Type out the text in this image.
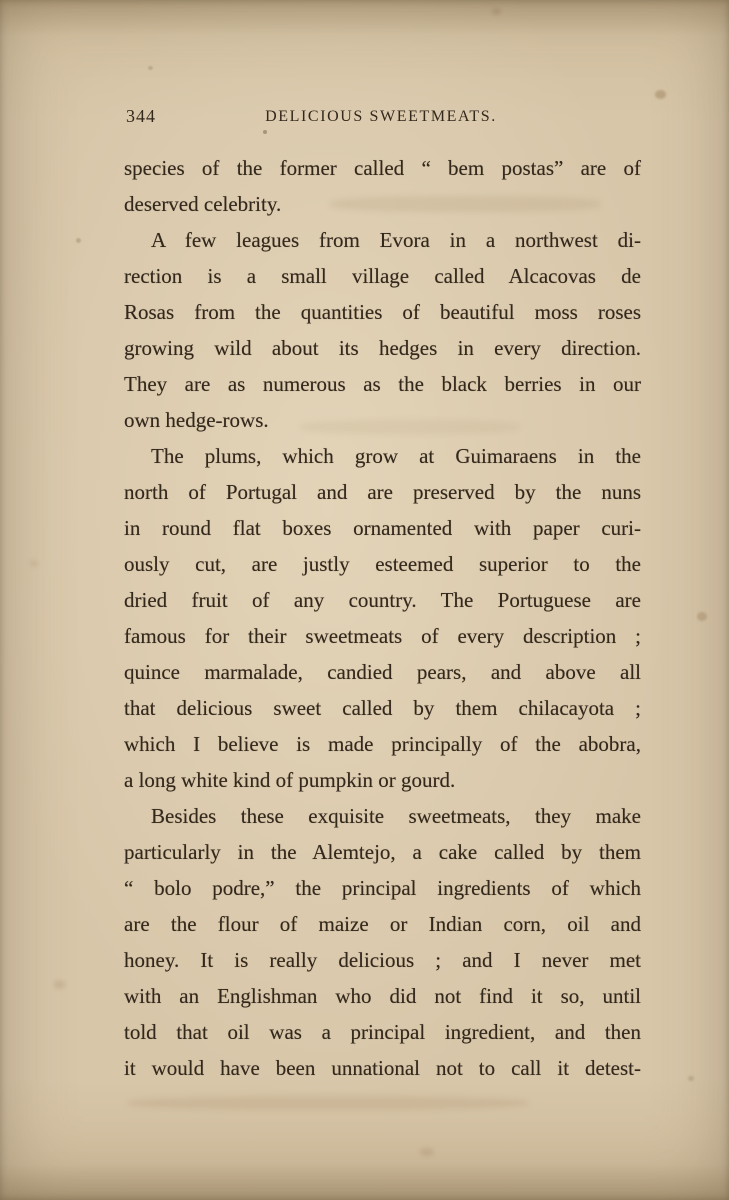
344	DELICIOUS SWEETMEATS.
species of the former called “ bem postas” are of
deserved celebrity.
A few leagues from Evora in a northwest di-
rection is a small village called Alcacovas de
Rosas from the quantities of beautiful moss roses
growing wild about its hedges in every direction.
They are as numerous as the black berries in our
own hedge-rows.
The plums, which grow at Guimaraens in the
north of Portugal and are preserved by the nuns
in round flat boxes ornamented with paper curi-
ously cut, are justly esteemed superior to the
dried fruit of any country. The Portuguese are
famous for their sweetmeats of every description ;
quince marmalade, candied pears, and above all
that delicious sweet called by them chilacayota ;
which I believe is made principally of the abobra,
a long white kind of pumpkin or gourd.
Besides these exquisite sweetmeats, they make
particularly in the Alemtejo, a cake called by them
“ bolo podre,” the principal ingredients of which
are the flour of maize or Indian corn, oil and
honey. It is really delicious ; and I never met
with an Englishman who did not find it so, until
told that oil was a principal ingredient, and then
it would have been unnational not to call it detest-
